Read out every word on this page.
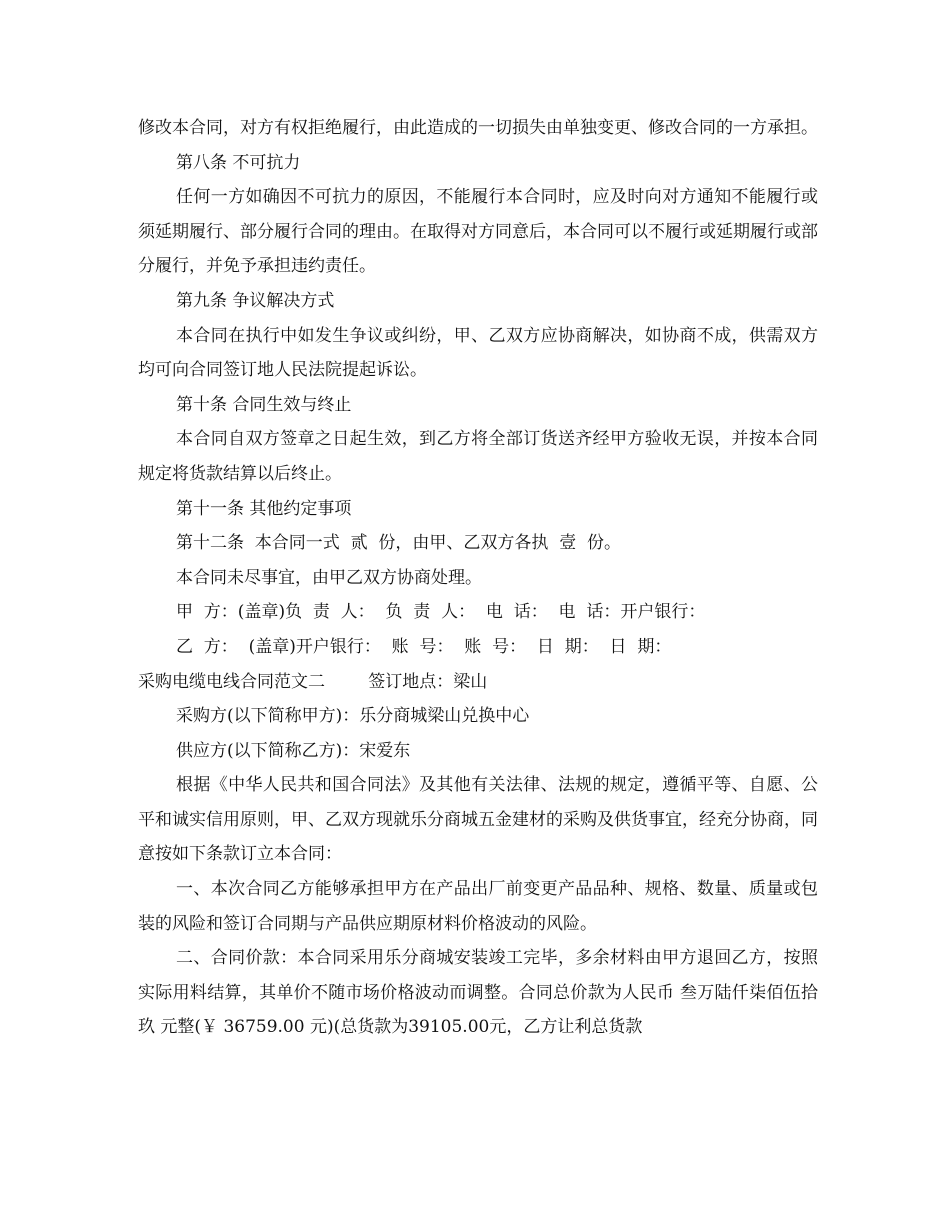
修改本合同，对方有权拒绝履行，由此造成的一切损失由单独变更、修改合同的一方承担。

第八条 不可抗力

任何一方如确因不可抗力的原因，不能履行本合同时，应及时向对方通知不能履行或须延期履行、部分履行合同的理由。在取得对方同意后，本合同可以不履行或延期履行或部分履行，并免予承担违约责任。

第九条 争议解决方式

本合同在执行中如发生争议或纠纷，甲、乙双方应协商解决，如协商不成，供需双方均可向合同签订地人民法院提起诉讼。

第十条 合同生效与终止

本合同自双方签章之日起生效，到乙方将全部订货送齐经甲方验收无误，并按本合同规定将货款结算以后终止。

第十一条 其他约定事项

第十二条  本合同一式  贰  份，由甲、乙双方各执  壹  份。

本合同未尽事宜，由甲乙双方协商处理。

甲  方：(盖章)负  责  人：  负  责  人：  电  话：  电  话：开户银行：

乙  方：  (盖章)开户银行：  账  号：  账  号：  日  期：  日  期：

采购电缆电线合同范文二        签订地点：梁山

采购方(以下简称甲方)：乐分商城梁山兑换中心

供应方(以下简称乙方)：宋爱东

根据《中华人民共和国合同法》及其他有关法律、法规的规定，遵循平等、自愿、公平和诚实信用原则，甲、乙双方现就乐分商城五金建材的采购及供货事宜，经充分协商，同意按如下条款订立本合同：

一、本次合同乙方能够承担甲方在产品出厂前变更产品品种、规格、数量、质量或包装的风险和签订合同期与产品供应期原材料价格波动的风险。

二、合同价款：本合同采用乐分商城安装竣工完毕，多余材料由甲方退回乙方，按照实际用料结算，其单价不随市场价格波动而调整。合同总价款为人民币 叁万陆仟柒佰伍拾玖 元整(￥ 36759.00 元)(总货款为39105.00元，乙方让利总货款
